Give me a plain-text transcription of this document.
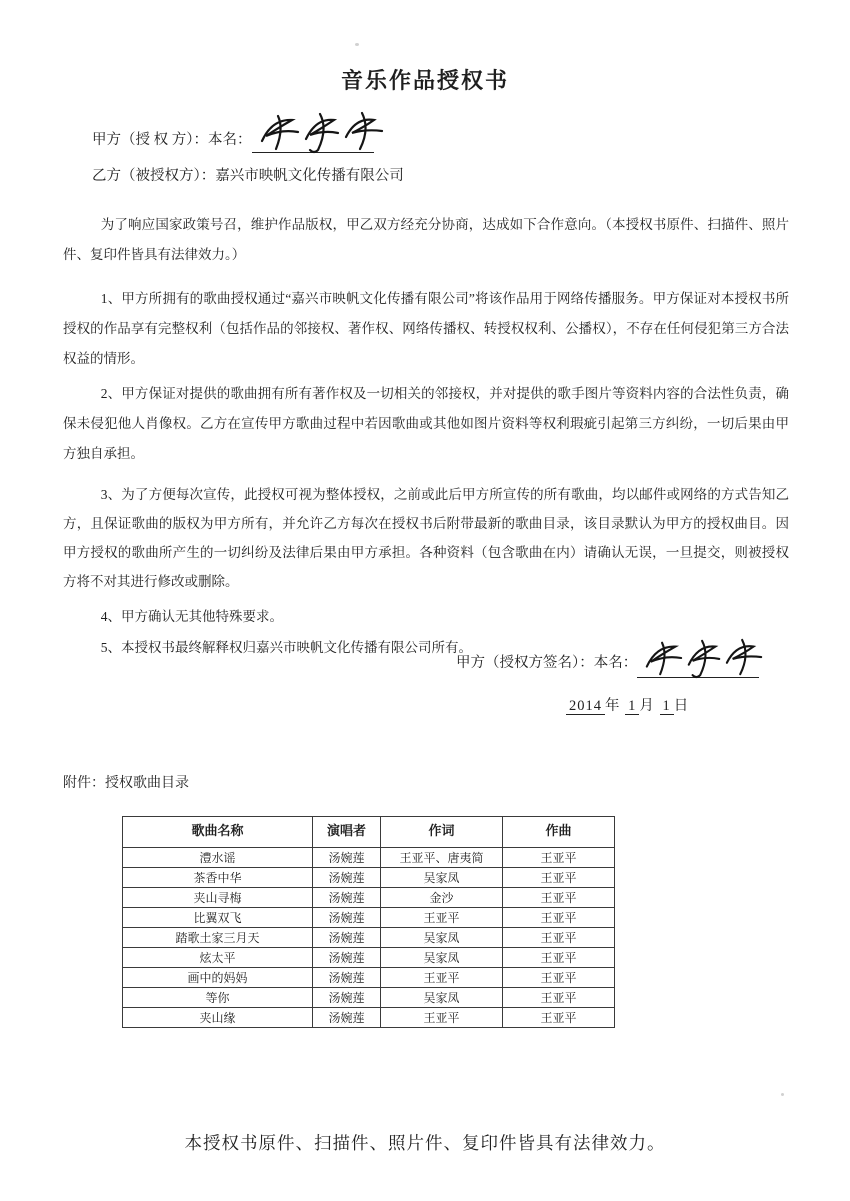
音乐作品授权书
甲方（授 权 方）：本名：
乙方（被授权方）：嘉兴市映帆文化传播有限公司

为了响应国家政策号召，维护作品版权，甲乙双方经充分协商，达成如下合作意向。（本授权书原件、扫描件、照片件、复印件皆具有法律效力。）

1、甲方所拥有的歌曲授权通过“嘉兴市映帆文化传播有限公司”将该作品用于网络传播服务。甲方保证对本授权书所授权的作品享有完整权利（包括作品的邻接权、著作权、网络传播权、转授权权利、公播权），不存在任何侵犯第三方合法权益的情形。

2、甲方保证对提供的歌曲拥有所有著作权及一切相关的邻接权，并对提供的歌手图片等资料内容的合法性负责，确保未侵犯他人肖像权。乙方在宣传甲方歌曲过程中若因歌曲或其他如图片资料等权利瑕疵引起第三方纠纷，一切后果由甲方独自承担。

3、为了方便每次宣传，此授权可视为整体授权，之前或此后甲方所宣传的所有歌曲，均以邮件或网络的方式告知乙方，且保证歌曲的版权为甲方所有，并允许乙方每次在授权书后附带最新的歌曲目录，该目录默认为甲方的授权曲目。因甲方授权的歌曲所产生的一切纠纷及法律后果由甲方承担。各种资料（包含歌曲在内）请确认无误，一旦提交，则被授权方将不对其进行修改或删除。

4、甲方确认无其他特殊要求。

5、本授权书最终解释权归嘉兴市映帆文化传播有限公司所有。

甲方（授权方签名）：本名：
2014 年 1 月 1 日
附件：授权歌曲目录
歌曲名称	演唱者	作词	作曲
澧水谣	汤婉莲	王亚平、唐夷简	王亚平
茶香中华	汤婉莲	吴家凤	王亚平
夹山寻梅	汤婉莲	金沙	王亚平
比翼双飞	汤婉莲	王亚平	王亚平
踏歌土家三月天	汤婉莲	吴家凤	王亚平
炫太平	汤婉莲	吴家凤	王亚平
画中的妈妈	汤婉莲	王亚平	王亚平
等你	汤婉莲	吴家凤	王亚平
夹山缘	汤婉莲	王亚平	王亚平
本授权书原件、扫描件、照片件、复印件皆具有法律效力。
